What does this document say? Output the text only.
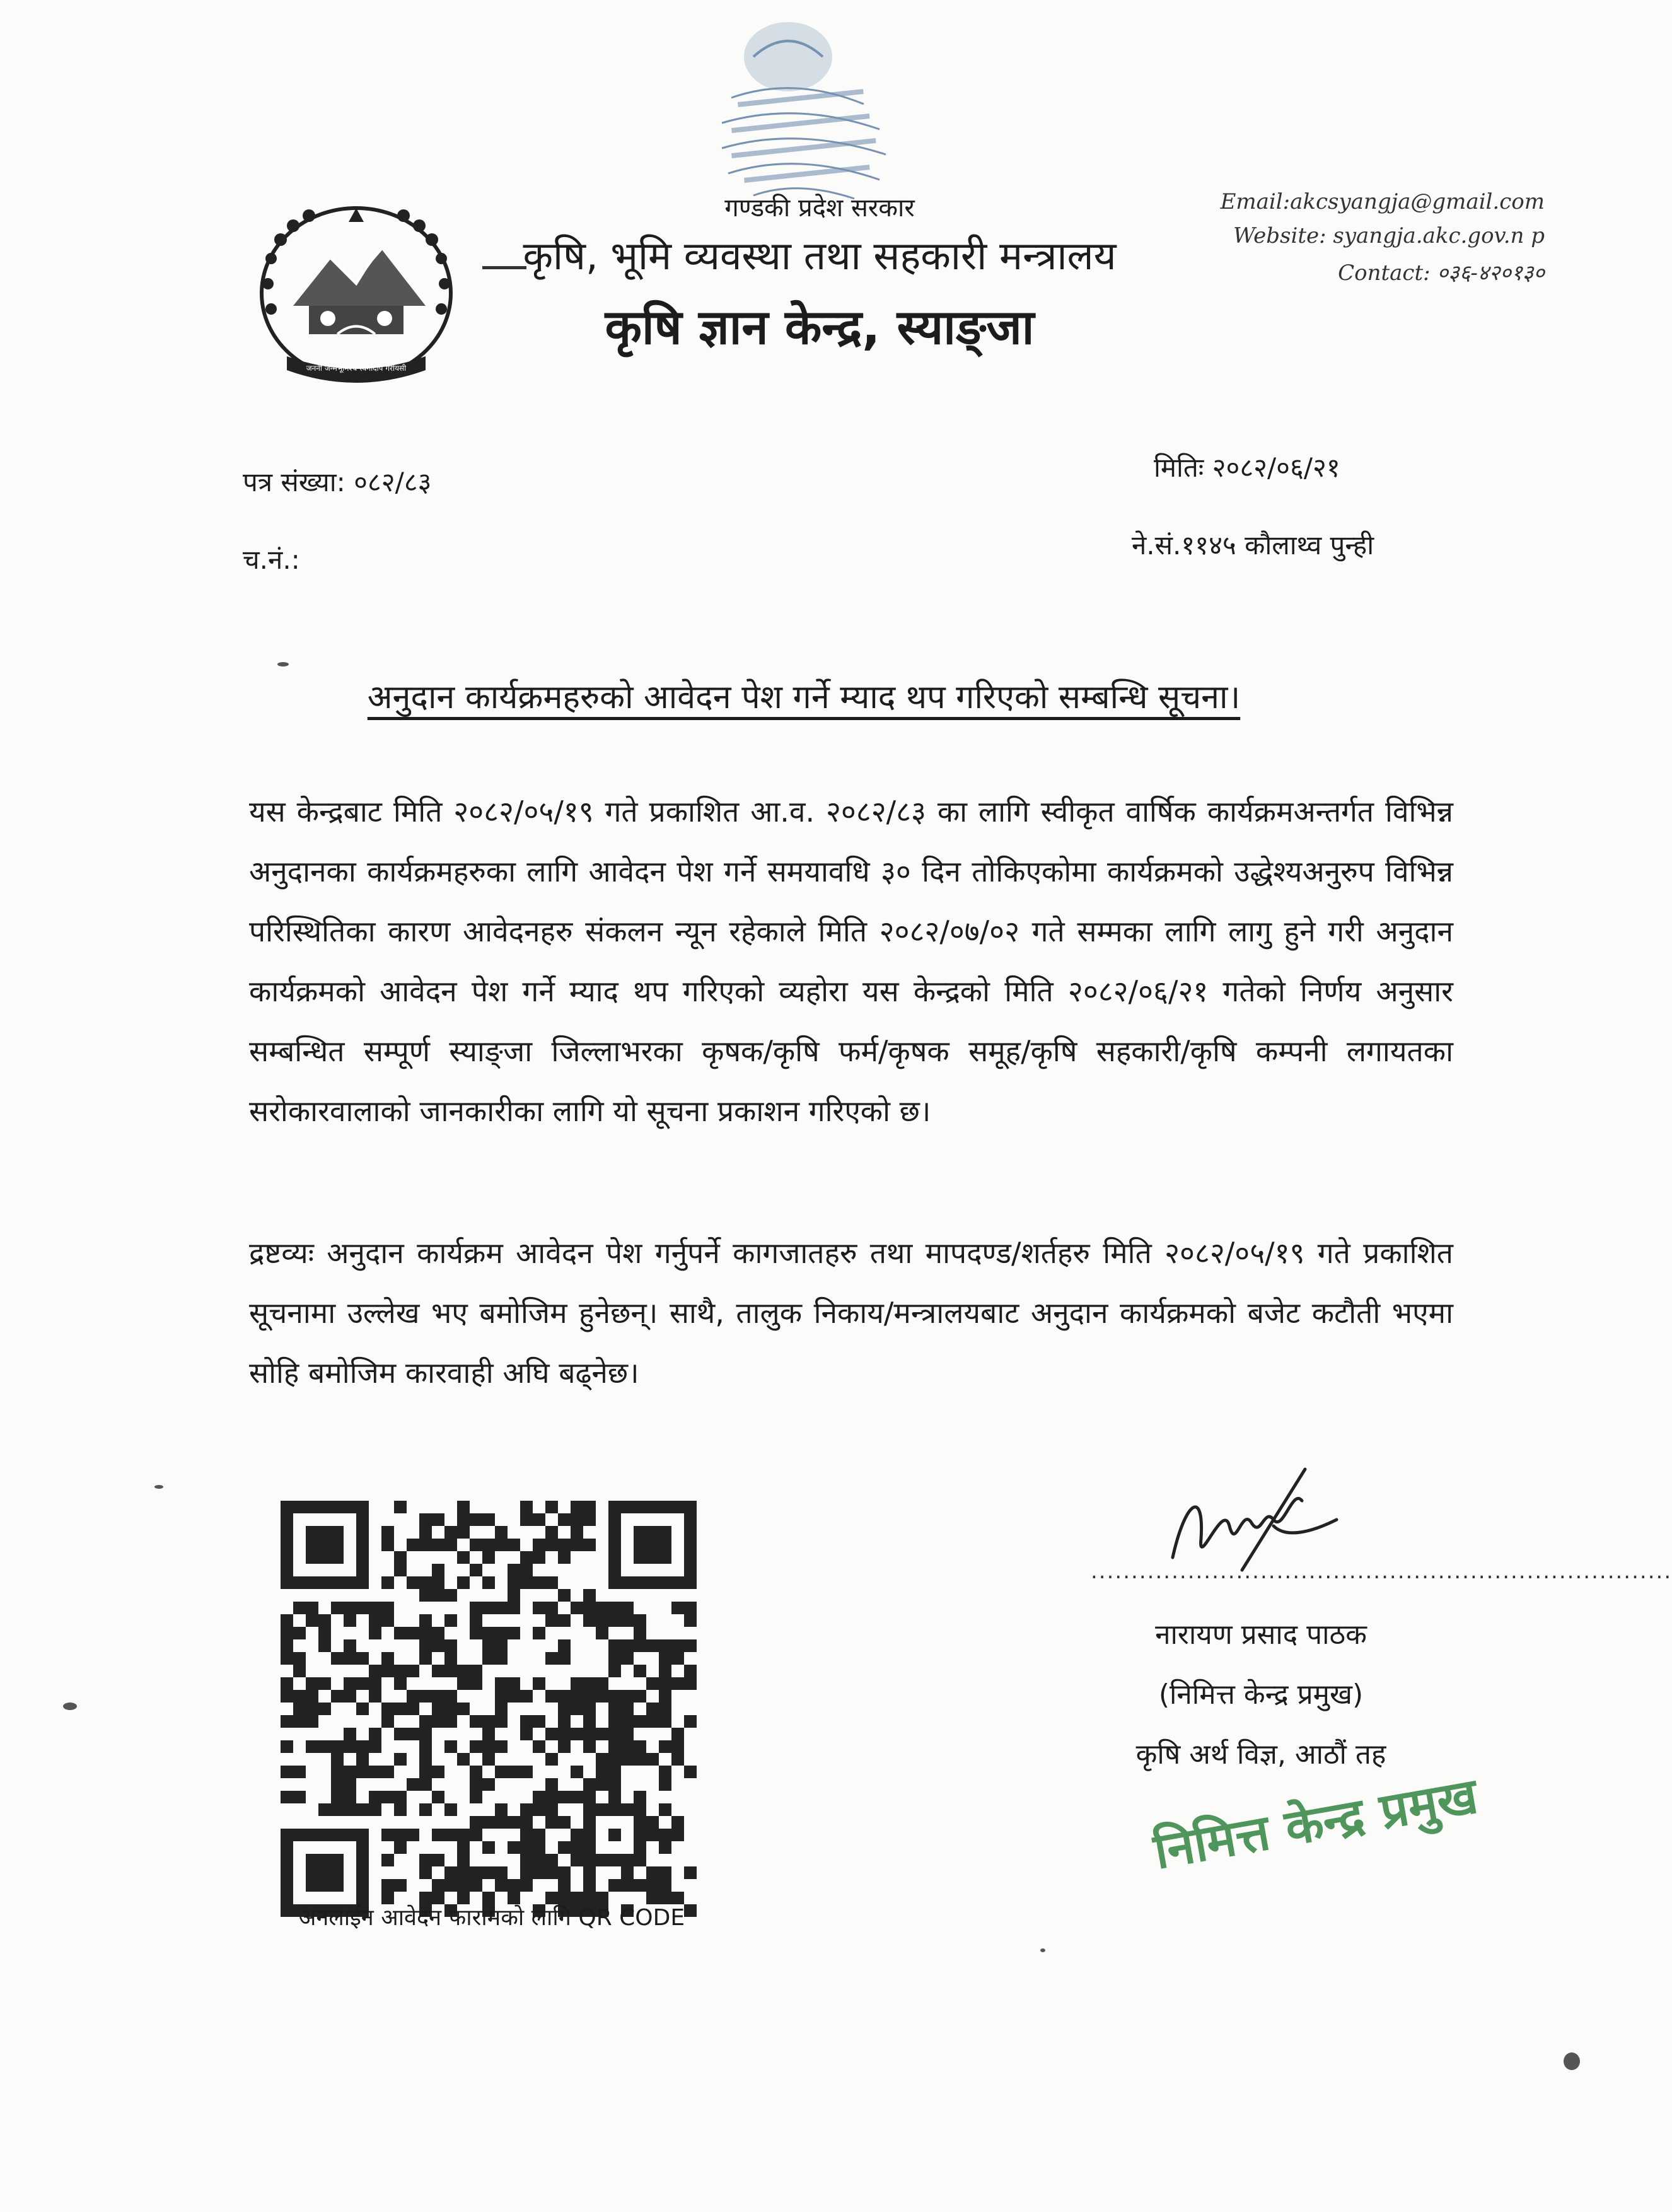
जननी जन्मभूमिश्च स्वर्गादपि गरीयसी
गण्डकी प्रदेश सरकार
कृषि, भूमि व्यवस्था तथा सहकारी मन्त्रालय
कृषि ज्ञान केन्द्र, स्याङ्जा
Email:akcsyangja@gmail.com
Website: syangja.akc.gov.n p
Contact: ०३६-४२०१३०
पत्र संख्या: ०८२/८३	मितिः २०८२/०६/२१
च.नं.:	ने.सं.११४५ कौलाथ्व पुन्ही
अनुदान कार्यक्रमहरुको आवेदन पेश गर्ने म्याद थप गरिएको सम्बन्धि सूचना।
यस केन्द्रबाट मिति २०८२/०५/१९ गते प्रकाशित आ.व. २०८२/८३ का लागि स्वीकृत वार्षिक कार्यक्रमअन्तर्गत विभिन्न अनुदानका कार्यक्रमहरुका लागि आवेदन पेश गर्ने समयावधि ३० दिन तोकिएकोमा कार्यक्रमको उद्धेश्यअनुरुप विभिन्न परिस्थितिका कारण आवेदनहरु संकलन न्यून रहेकाले मिति २०८२/०७/०२ गते सम्मका लागि लागु हुने गरी अनुदान कार्यक्रमको आवेदन पेश गर्ने म्याद थप गरिएको व्यहोरा यस केन्द्रको मिति २०८२/०६/२१ गतेको निर्णय अनुसार सम्बन्धित सम्पूर्ण स्याङ्जा जिल्लाभरका कृषक/कृषि फर्म/कृषक समूह/कृषि सहकारी/कृषि कम्पनी लगायतका सरोकारवालाको जानकारीका लागि यो सूचना प्रकाशन गरिएको छ।
द्रष्टव्यः अनुदान कार्यक्रम आवेदन पेश गर्नुपर्ने कागजातहरु तथा मापदण्ड/शर्तहरु मिति २०८२/०५/१९ गते प्रकाशित सूचनामा उल्लेख भए बमोजिम हुनेछन्। साथै, तालुक निकाय/मन्त्रालयबाट अनुदान कार्यक्रमको बजेट कटौती भएमा सोहि बमोजिम कारवाही अघि बढ्नेछ।
अनलाईन आवेदन फारामको लागि QR CODE
........................................................................
नारायण प्रसाद पाठक
(निमित्त केन्द्र प्रमुख)
कृषि अर्थ विज्ञ, आठौं तह
निमित्त केन्द्र प्रमुख
